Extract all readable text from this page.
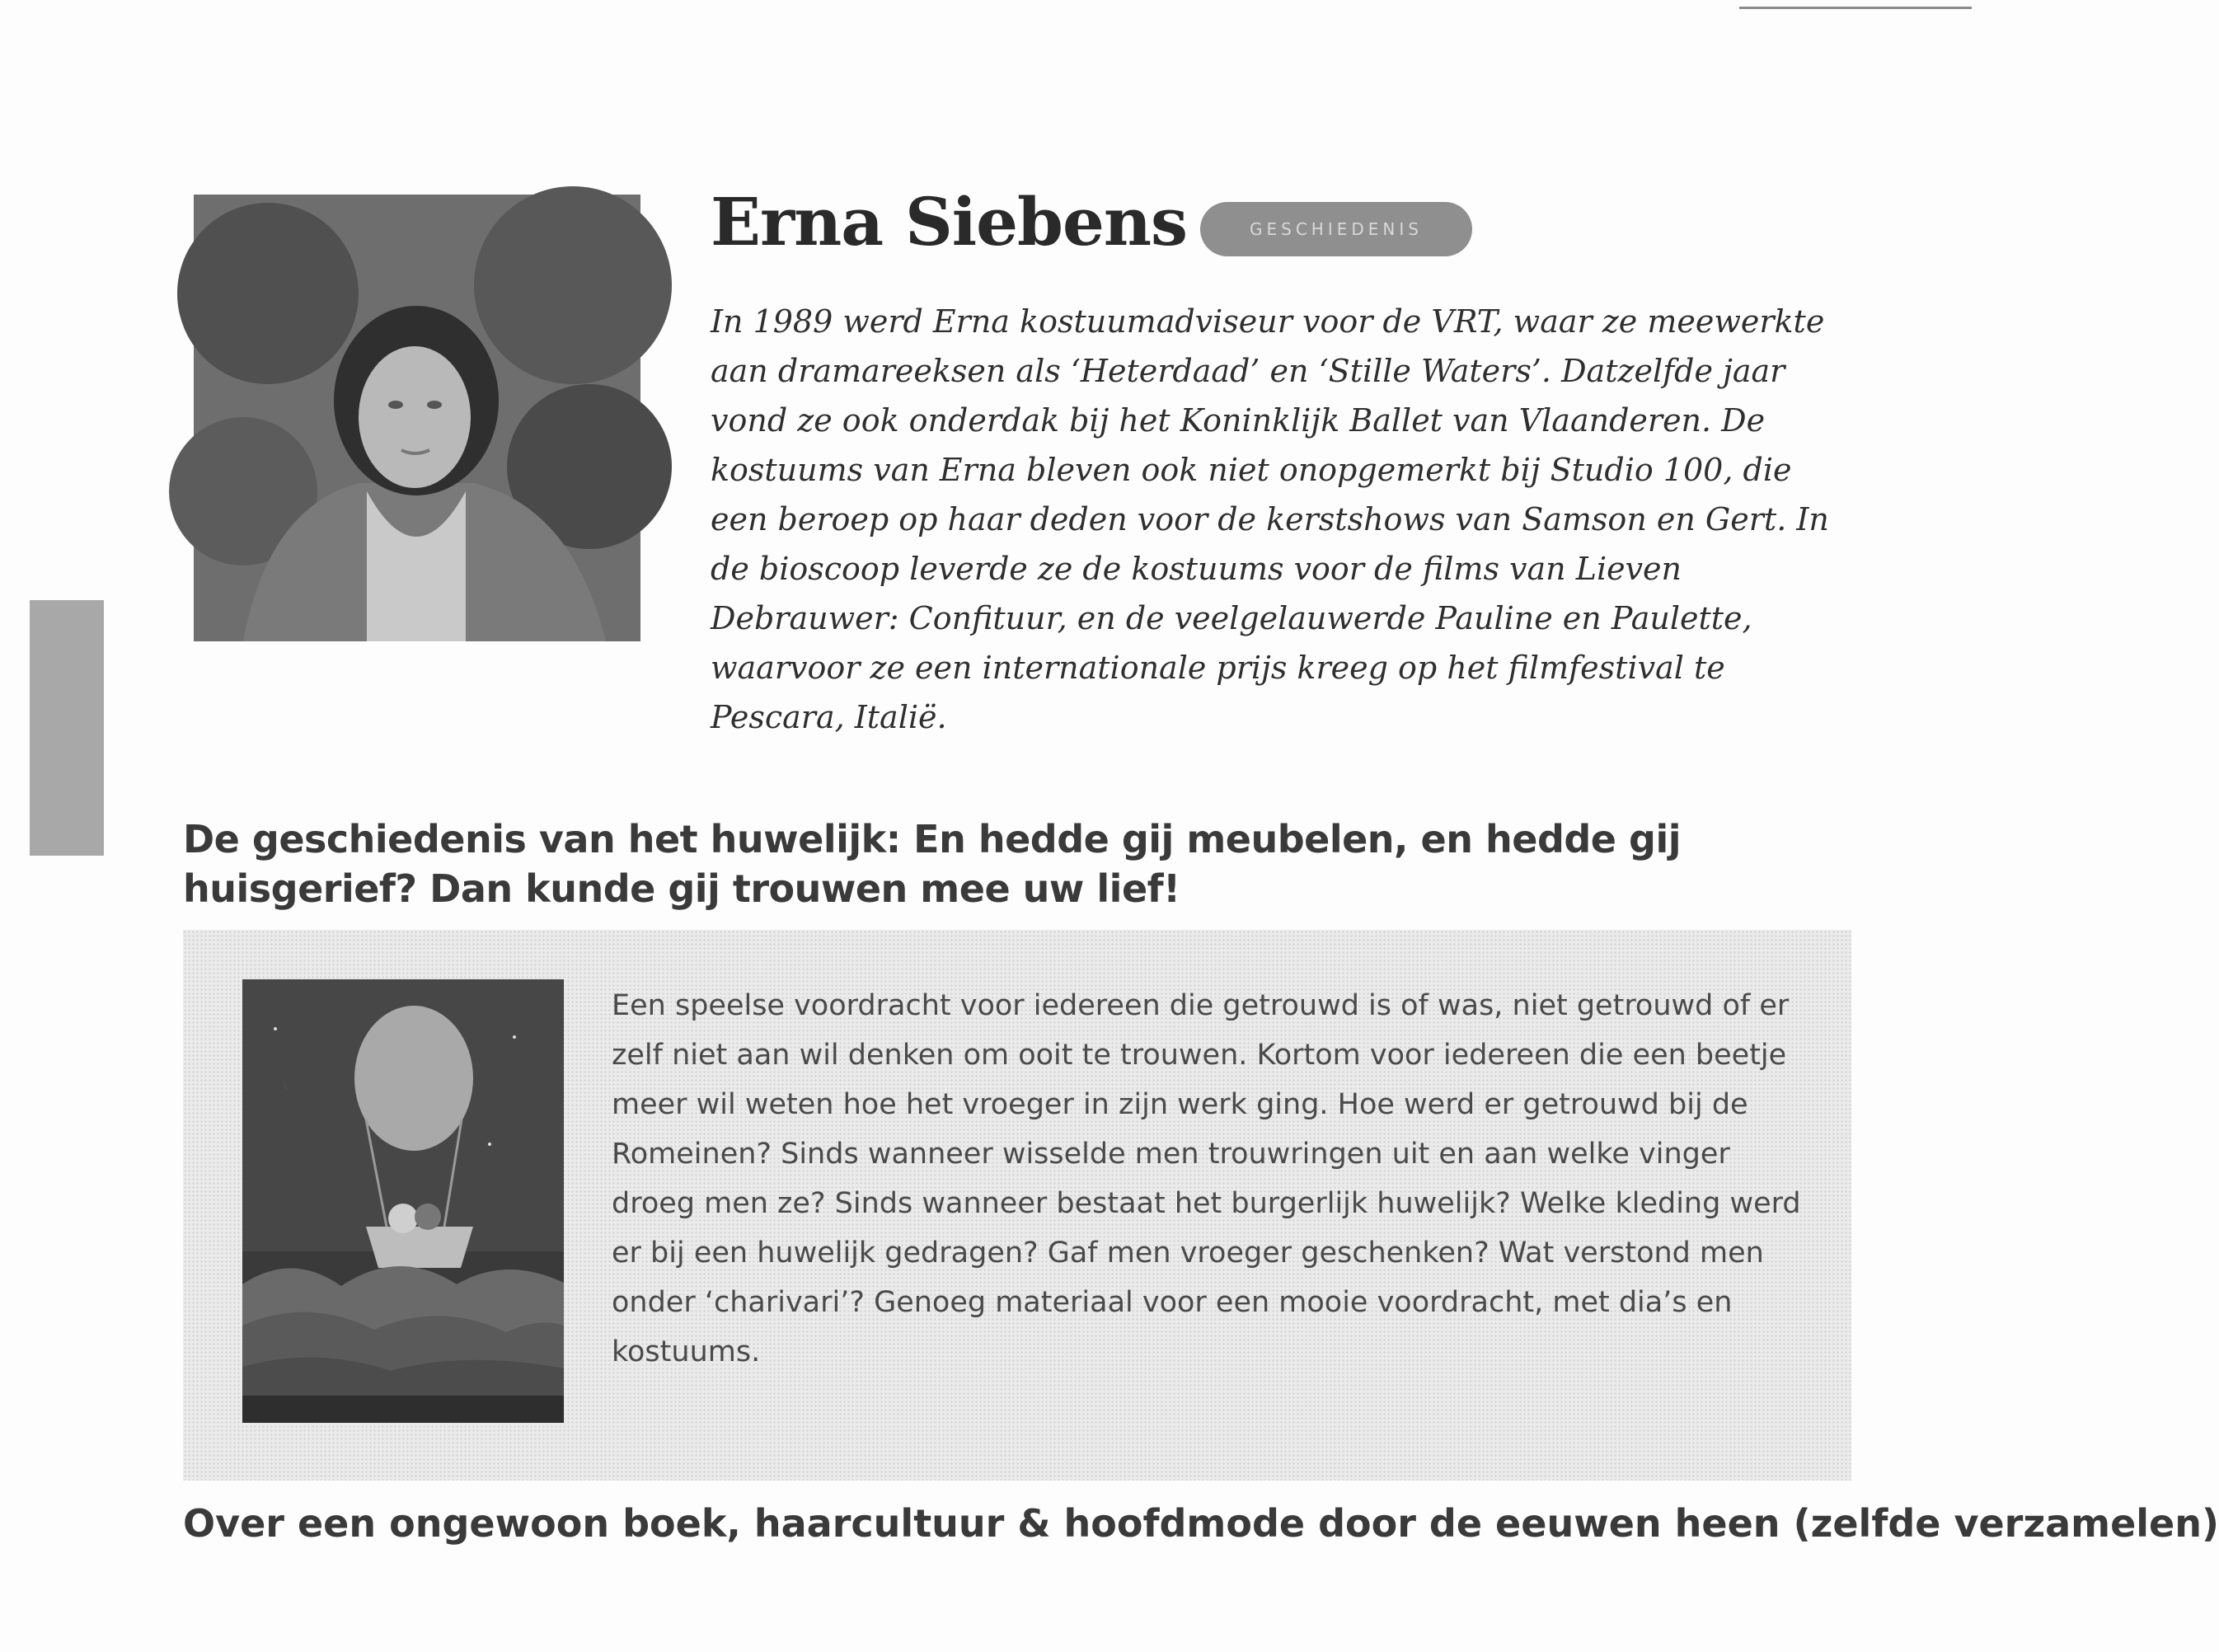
Erna Siebens	GESCHIEDENIS

In 1989 werd Erna kostuumadviseur voor de VRT, waar ze meewerkte aan dramareeksen als ‘Heterdaad’ en ‘Stille Waters’. Datzelfde jaar vond ze ook onderdak bij het Koninklijk Ballet van Vlaanderen. De kostuums van Erna bleven ook niet onopgemerkt bij Studio 100, die een beroep op haar deden voor de kerstshows van Samson en Gert. In de bioscoop leverde ze de kostuums voor de films van Lieven Debrauwer: Confituur, en de veelgelauwerde Pauline en Paulette, waarvoor ze een internationale prijs kreeg op het filmfestival te Pescara, Italië.

De geschiedenis van het huwelijk: En hedde gij meubelen, en hedde gij huisgerief? Dan kunde gij trouwen mee uw lief!

Een speelse voordracht voor iedereen die getrouwd is of was, niet getrouwd of er zelf niet aan wil denken om ooit te trouwen. Kortom voor iedereen die een beetje meer wil weten hoe het vroeger in zijn werk ging. Hoe werd er getrouwd bij de Romeinen? Sinds wanneer wisselde men trouwringen uit en aan welke vinger droeg men ze? Sinds wanneer bestaat het burgerlijk huwelijk? Welke kleding werd er bij een huwelijk gedragen? Gaf men vroeger geschenken? Wat verstond men onder ‘charivari’? Genoeg materiaal voor een mooie voordracht, met dia’s en kostuums.

Over een ongewoon boek, haarcultuur & hoofdmode door de eeuwen heen (zelfde verzamelen)
